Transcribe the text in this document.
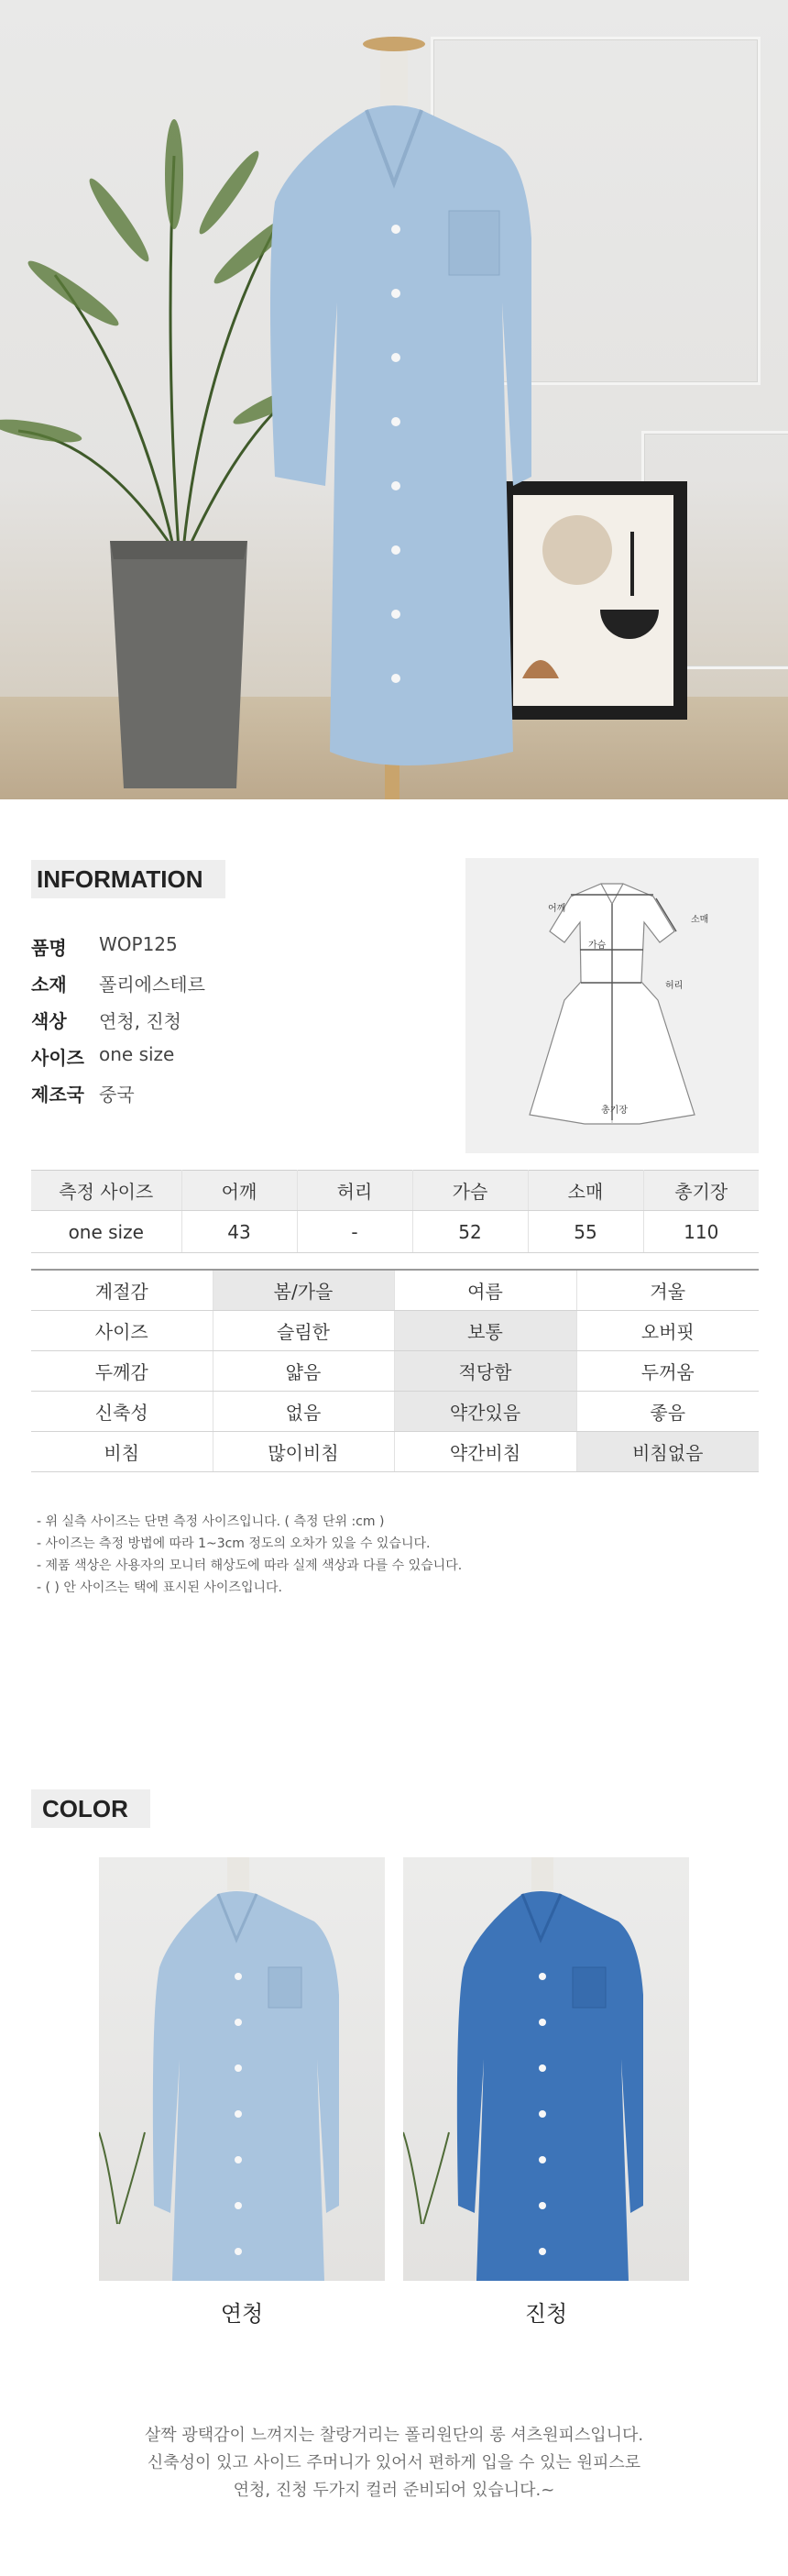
INFORMATION
품명	WOP125
소재	폴리에스테르
색상	연청, 진청
사이즈 one size
제조국 중국
어깨
소매
가슴
허리
총기장
측정 사이즈	어깨	허리	가슴	소매	총기장
one size	43	-	52	55	110
계절감	봄/가을	여름	겨울
사이즈	슬림한	보통	오버핏
두께감	얇음	적당함	두꺼움
신축성	없음	약간있음	좋음
비침	많이비침	약간비침	비침없음
- 위 실측 사이즈는 단면 측정 사이즈입니다. ( 측정 단위 :cm )
- 사이즈는 측정 방법에 따라 1~3cm 정도의 오차가 있을 수 있습니다.
- 제품 색상은 사용자의 모니터 해상도에 따라 실제 색상과 다를 수 있습니다.
- ( ) 안 사이즈는 택에 표시된 사이즈입니다.
COLOR
연청	진청
살짝 광택감이 느껴지는 찰랑거리는 폴리원단의 롱 셔츠원피스입니다.
신축성이 있고 사이드 주머니가 있어서 편하게 입을 수 있는 원피스로
연청, 진청 두가지 컬러 준비되어 있습니다.~
